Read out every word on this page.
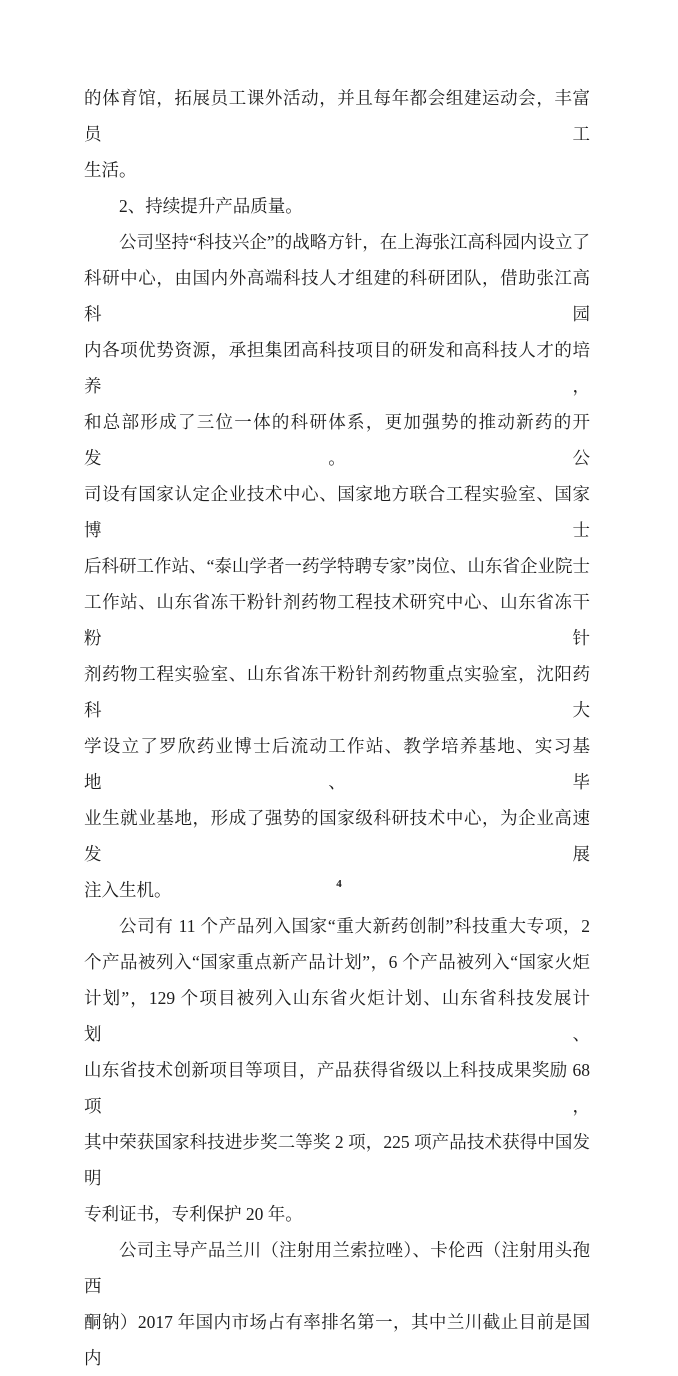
的体育馆，拓展员工课外活动，并且每年都会组建运动会，丰富员工
生活。
2、持续提升产品质量。
公司坚持“科技兴企”的战略方针，在上海张江高科园内设立了
科研中心，由国内外高端科技人才组建的科研团队，借助张江高科园
内各项优势资源，承担集团高科技项目的研发和高科技人才的培养，
和总部形成了三位一体的科研体系，更加强势的推动新药的开发。公
司设有国家认定企业技术中心、国家地方联合工程实验室、国家博士
后科研工作站、“泰山学者一药学特聘专家”岗位、山东省企业院士
工作站、山东省冻干粉针剂药物工程技术研究中心、山东省冻干粉针
剂药物工程实验室、山东省冻干粉针剂药物重点实验室，沈阳药科大
学设立了罗欣药业博士后流动工作站、教学培养基地、实习基地、毕
业生就业基地，形成了强势的国家级科研技术中心，为企业高速发展
注入生机。
公司有 11 个产品列入国家“重大新药创制”科技重大专项，2
个产品被列入“国家重点新产品计划”，6 个产品被列入“国家火炬
计划”，129 个项目被列入山东省火炬计划、山东省科技发展计划、
山东省技术创新项目等项目，产品获得省级以上科技成果奖励 68 项，
其中荣获国家科技进步奖二等奖 2 项，225 项产品技术获得中国发明
专利证书，专利保护 20 年。
公司主导产品兰川（注射用兰索拉唑）、卡伦西（注射用头孢西
酮钠）2017 年国内市场占有率排名第一，其中兰川截止目前是国内
4
